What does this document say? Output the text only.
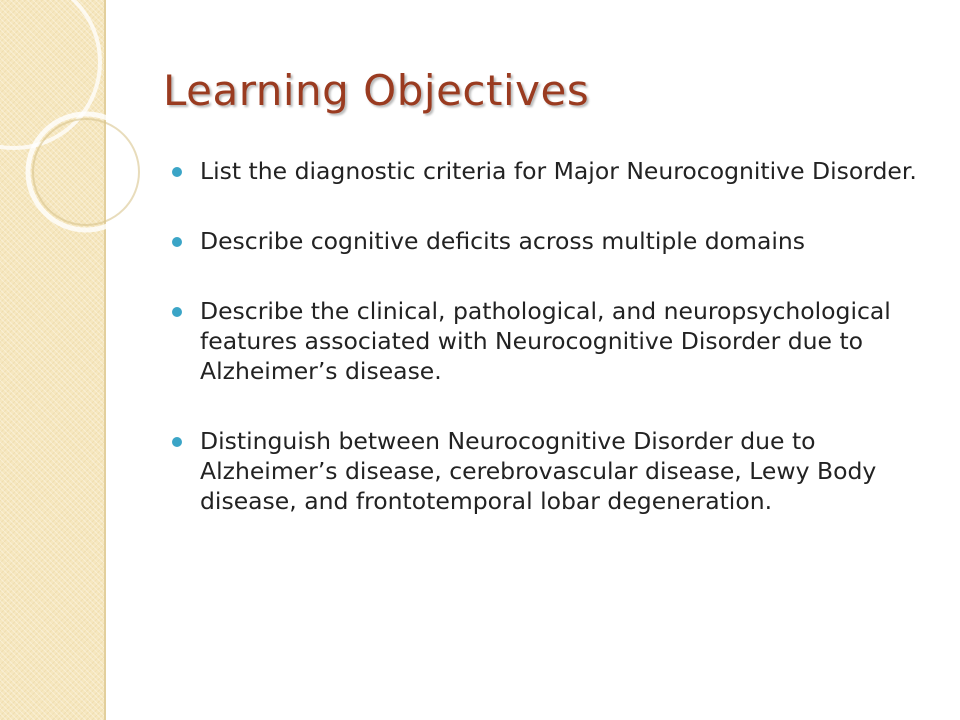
Learning Objectives
List the diagnostic criteria for Major Neurocognitive Disorder.
Describe cognitive deficits across multiple domains
Describe the clinical, pathological, and neuropsychological features associated with Neurocognitive Disorder due to Alzheimer’s disease.
Distinguish between Neurocognitive Disorder due to Alzheimer’s disease, cerebrovascular disease, Lewy Body disease, and frontotemporal lobar degeneration.
